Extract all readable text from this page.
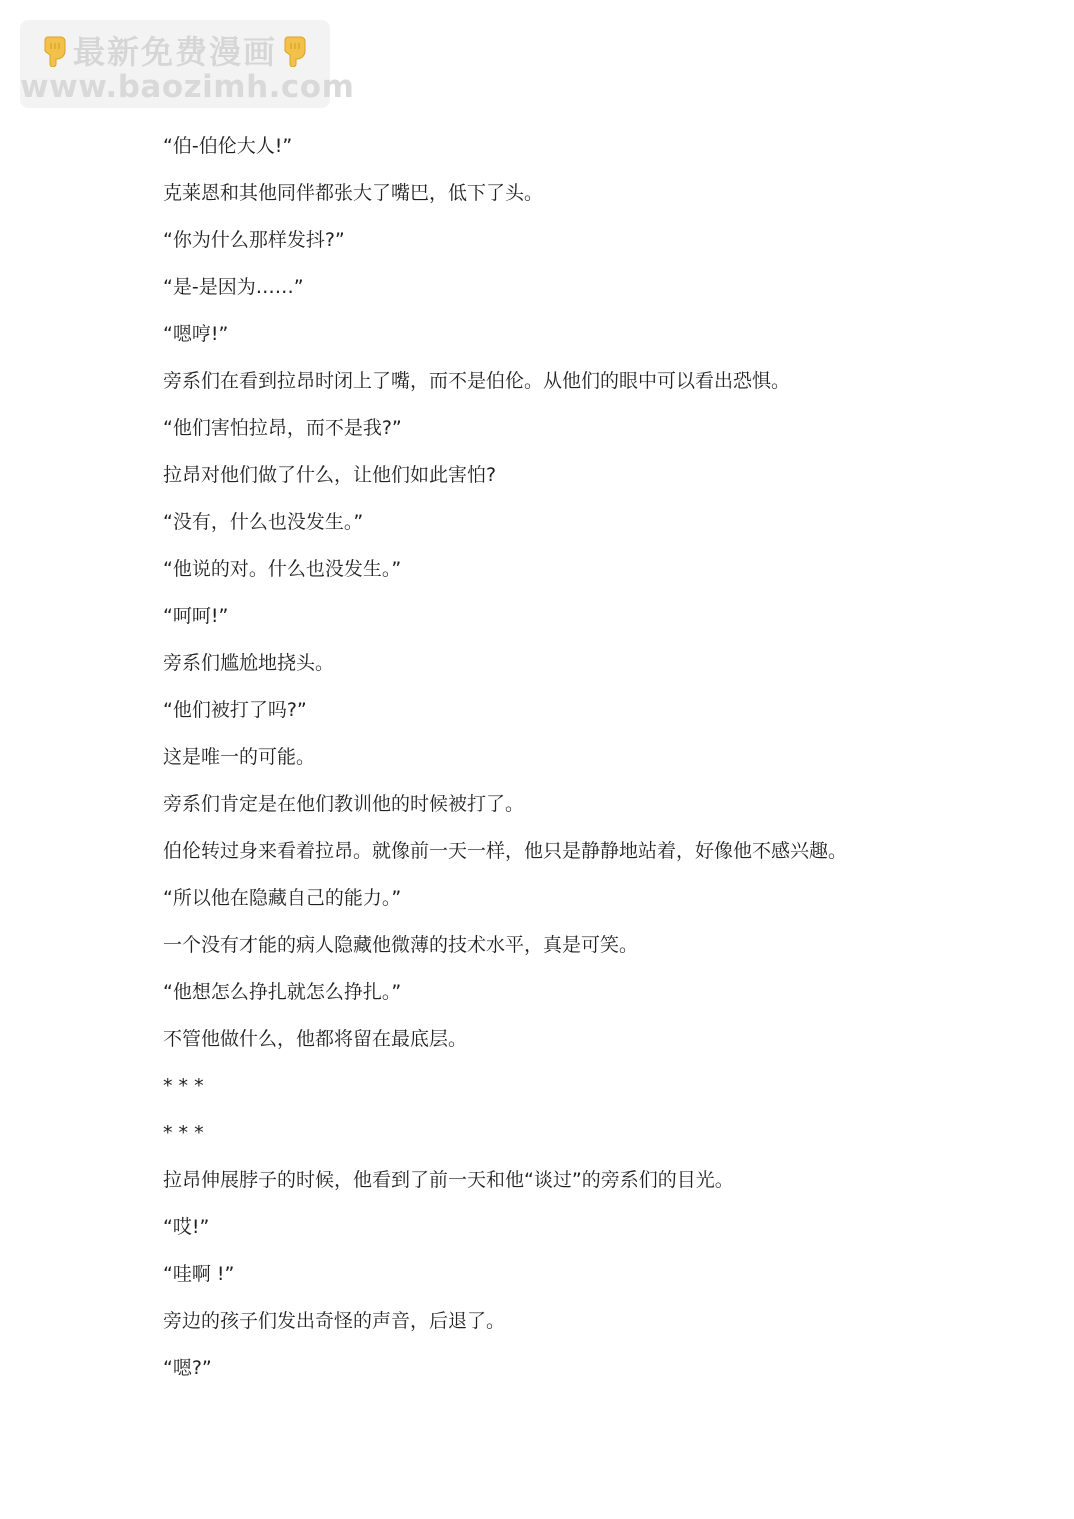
最新免费漫画
www.baozimh.com
“伯-伯伦大人!”
克莱恩和其他同伴都张大了嘴巴，低下了头。
“你为什么那样发抖?”
“是-是因为……”
“嗯哼!”
旁系们在看到拉昂时闭上了嘴，而不是伯伦。从他们的眼中可以看出恐惧。
“他们害怕拉昂，而不是我?”
拉昂对他们做了什么，让他们如此害怕?
“没有，什么也没发生。”
“他说的对。什么也没发生。”
“呵呵!”
旁系们尴尬地挠头。
“他们被打了吗?”
这是唯一的可能。
旁系们肯定是在他们教训他的时候被打了。
伯伦转过身来看着拉昂。就像前一天一样，他只是静静地站着，好像他不感兴趣。
“所以他在隐藏自己的能力。”
一个没有才能的病人隐藏他微薄的技术水平，真是可笑。
“他想怎么挣扎就怎么挣扎。”
不管他做什么，他都将留在最底层。
* * *
* * *
拉昂伸展脖子的时候，他看到了前一天和他“谈过”的旁系们的目光。
“哎!”
“哇啊 !”
旁边的孩子们发出奇怪的声音，后退了。
“嗯?”
